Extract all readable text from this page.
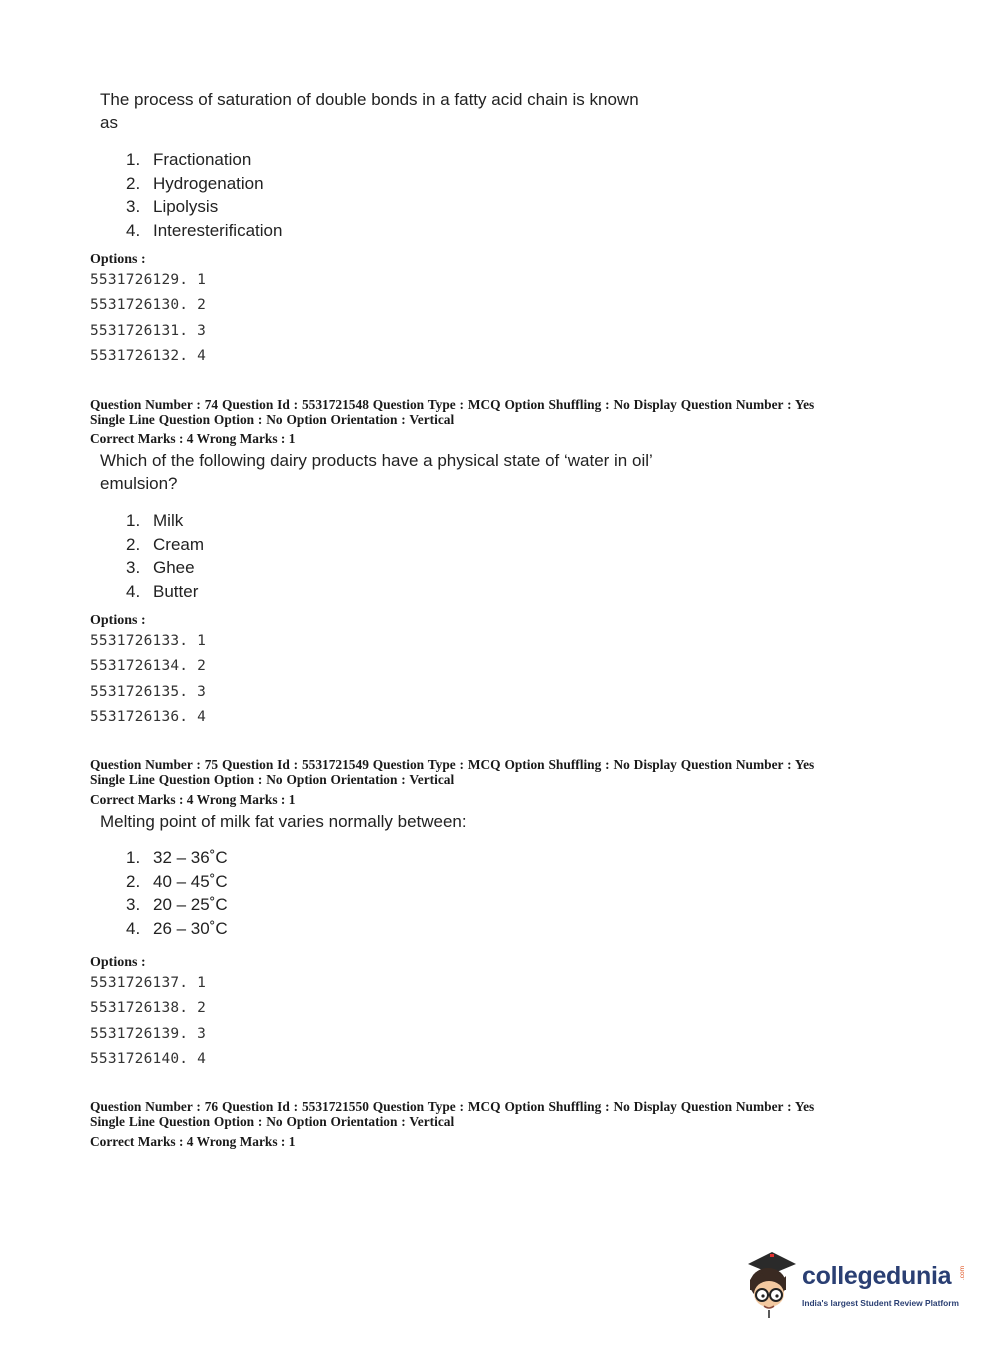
The process of saturation of double bonds in a fatty acid chain is known as
1. Fractionation
2. Hydrogenation
3. Lipolysis
4. Interesterification
Options :
5531726129. 1
5531726130. 2
5531726131. 3
5531726132. 4
Question Number : 74 Question Id : 5531721548 Question Type : MCQ Option Shuffling : No Display Question Number : Yes
Single Line Question Option : No Option Orientation : Vertical
Correct Marks : 4 Wrong Marks : 1
Which of the following dairy products have a physical state of ‘water in oil’ emulsion?
1. Milk
2. Cream
3. Ghee
4. Butter
Options :
5531726133. 1
5531726134. 2
5531726135. 3
5531726136. 4
Question Number : 75 Question Id : 5531721549 Question Type : MCQ Option Shuffling : No Display Question Number : Yes
Single Line Question Option : No Option Orientation : Vertical
Correct Marks : 4 Wrong Marks : 1
Melting point of milk fat varies normally between:
1. 32 – 36˚C
2. 40 – 45˚C
3. 20 – 25˚C
4. 26 – 30˚C
Options :
5531726137. 1
5531726138. 2
5531726139. 3
5531726140. 4
Question Number : 76 Question Id : 5531721550 Question Type : MCQ Option Shuffling : No Display Question Number : Yes
Single Line Question Option : No Option Orientation : Vertical
Correct Marks : 4 Wrong Marks : 1
collegedunia .com
India's largest Student Review Platform
